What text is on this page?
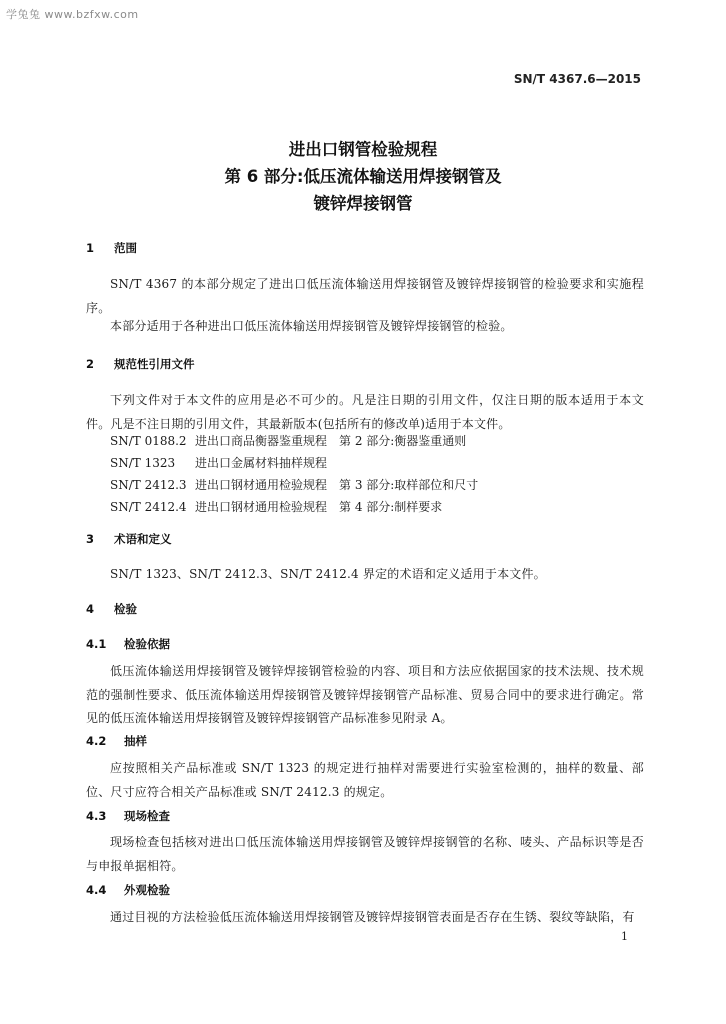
学兔兔 www.bzfxw.com
SN/T 4367.6—2015
进出口钢管检验规程
第 6 部分:低压流体输送用焊接钢管及
镀锌焊接钢管
1 范围
SN/T 4367 的本部分规定了进出口低压流体输送用焊接钢管及镀锌焊接钢管的检验要求和实施程序。
本部分适用于各种进出口低压流体输送用焊接钢管及镀锌焊接钢管的检验。
2 规范性引用文件
下列文件对于本文件的应用是必不可少的。凡是注日期的引用文件，仅注日期的版本适用于本文件。凡是不注日期的引用文件，其最新版本(包括所有的修改单)适用于本文件。
SN/T 0188.2 进出口商品衡器鉴重规程　第 2 部分:衡器鉴重通则
SN/T 1323 进出口金属材料抽样规程
SN/T 2412.3 进出口钢材通用检验规程　第 3 部分:取样部位和尺寸
SN/T 2412.4 进出口钢材通用检验规程　第 4 部分:制样要求
3 术语和定义
SN/T 1323、SN/T 2412.3、SN/T 2412.4 界定的术语和定义适用于本文件。
4 检验
4.1 检验依据
低压流体输送用焊接钢管及镀锌焊接钢管检验的内容、项目和方法应依据国家的技术法规、技术规范的强制性要求、低压流体输送用焊接钢管及镀锌焊接钢管产品标准、贸易合同中的要求进行确定。常见的低压流体输送用焊接钢管及镀锌焊接钢管产品标准参见附录 A。
4.2 抽样
应按照相关产品标准或 SN/T 1323 的规定进行抽样对需要进行实验室检测的，抽样的数量、部位、尺寸应符合相关产品标准或 SN/T 2412.3 的规定。
4.3 现场检查
现场检查包括核对进出口低压流体输送用焊接钢管及镀锌焊接钢管的名称、唛头、产品标识等是否与申报单据相符。
4.4 外观检验
通过目视的方法检验低压流体输送用焊接钢管及镀锌焊接钢管表面是否存在生锈、裂纹等缺陷，有
1
